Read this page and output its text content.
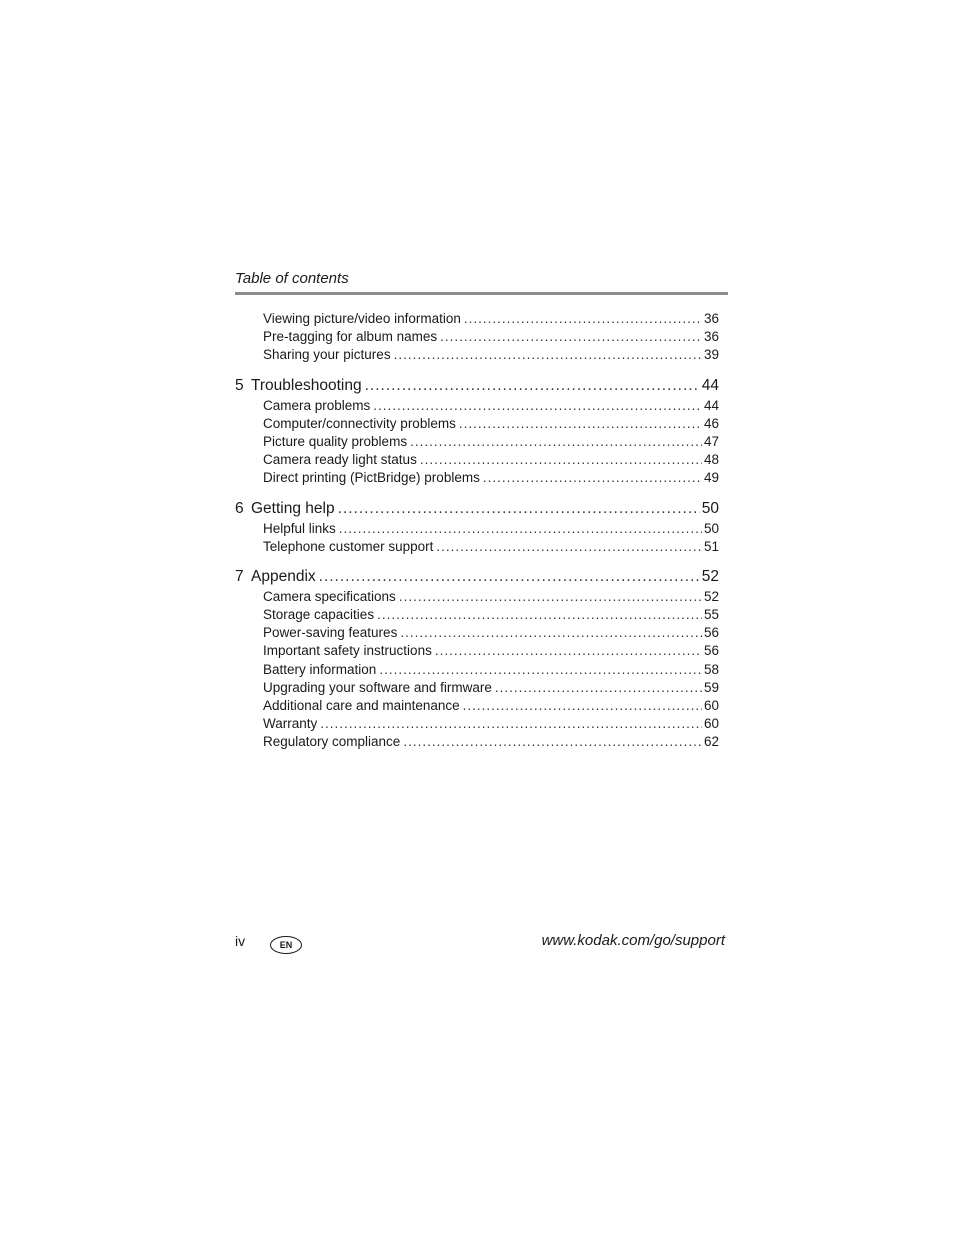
Table of contents
Viewing picture/video information .....	36
Pre-tagging for album names .....	36
Sharing your pictures .....	39
5 Troubleshooting .....	44
Camera problems .....	44
Computer/connectivity problems .....	46
Picture quality problems .....	47
Camera ready light status .....	48
Direct printing (PictBridge) problems .....	49
6 Getting help .....	50
Helpful links .....	50
Telephone customer support .....	51
7 Appendix .....	52
Camera specifications .....	52
Storage capacities .....	55
Power-saving features .....	56
Important safety instructions .....	56
Battery information .....	58
Upgrading your software and firmware .....	59
Additional care and maintenance .....	60
Warranty .....	60
Regulatory compliance .....	62
iv	EN	www.kodak.com/go/support
